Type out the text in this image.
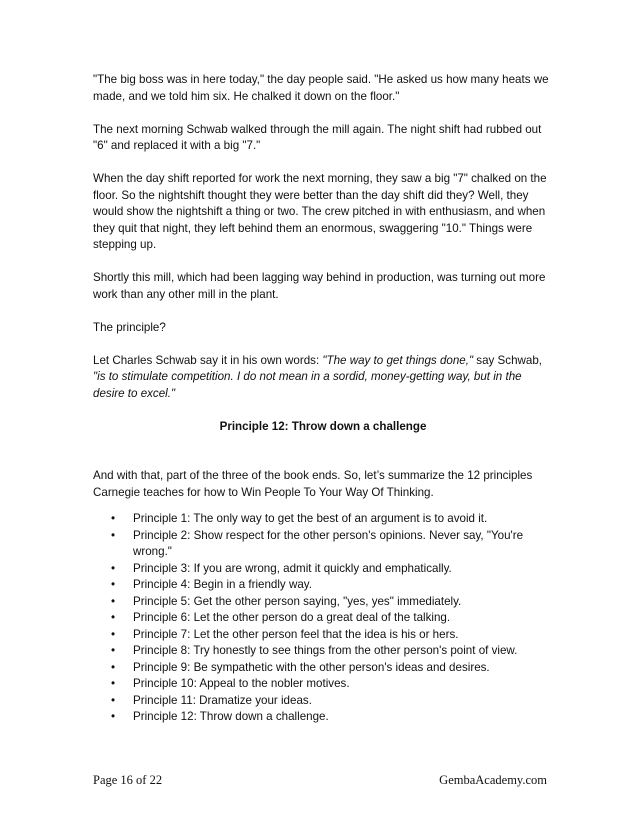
"The big boss was in here today," the day people said. "He asked us how many heats we made, and we told him six. He chalked it down on the floor."

The next morning Schwab walked through the mill again. The night shift had rubbed out "6" and replaced it with a big "7."

When the day shift reported for work the next morning, they saw a big "7" chalked on the floor. So the nightshift thought they were better than the day shift did they? Well, they would show the nightshift a thing or two. The crew pitched in with enthusiasm, and when they quit that night, they left behind them an enormous, swaggering "10." Things were stepping up.

Shortly this mill, which had been lagging way behind in production, was turning out more work than any other mill in the plant.

The principle?

Let Charles Schwab say it in his own words: "The way to get things done," say Schwab, "is to stimulate competition. I do not mean in a sordid, money-getting way, but in the desire to excel."

Principle 12: Throw down a challenge

And with that, part of the three of the book ends. So, let’s summarize the 12 principles Carnegie teaches for how to Win People To Your Way Of Thinking.

• Principle 1: The only way to get the best of an argument is to avoid it.
• Principle 2: Show respect for the other person's opinions. Never say, "You're wrong."
• Principle 3: If you are wrong, admit it quickly and emphatically.
• Principle 4: Begin in a friendly way.
• Principle 5: Get the other person saying, "yes, yes" immediately.
• Principle 6: Let the other person do a great deal of the talking.
• Principle 7: Let the other person feel that the idea is his or hers.
• Principle 8: Try honestly to see things from the other person's point of view.
• Principle 9: Be sympathetic with the other person's ideas and desires.
• Principle 10: Appeal to the nobler motives.
• Principle 11: Dramatize your ideas.
• Principle 12: Throw down a challenge.
Page 16 of 22	GembaAcademy.com
